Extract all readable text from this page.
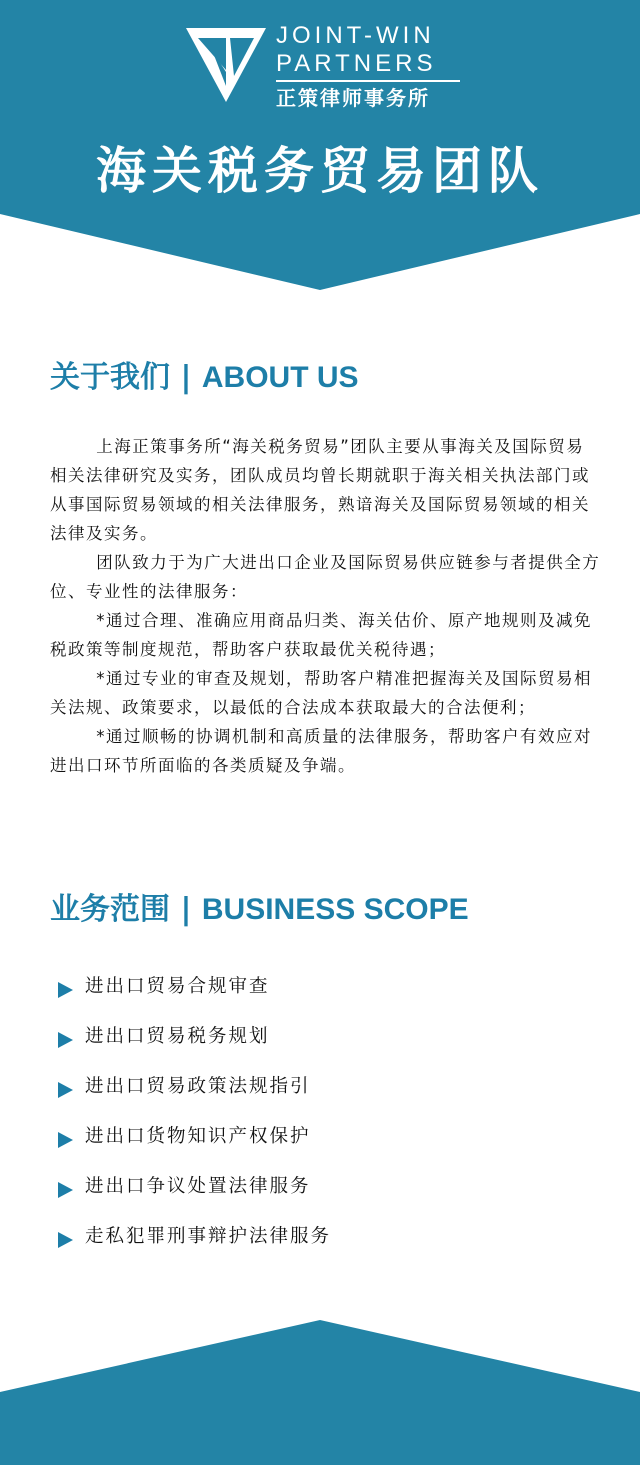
JOINT-WIN
PARTNERS
正策律师事务所
海关税务贸易团队
关于我们 | ABOUT US

上海正策事务所“海关税务贸易”团队主要从事海关及国际贸易相关法律研究及实务，团队成员均曾长期就职于海关相关执法部门或从事国际贸易领域的相关法律服务，熟谙海关及国际贸易领域的相关法律及实务。

团队致力于为广大进出口企业及国际贸易供应链参与者提供全方位、专业性的法律服务：

*通过合理、准确应用商品归类、海关估价、原产地规则及减免税政策等制度规范，帮助客户获取最优关税待遇；

*通过专业的审查及规划，帮助客户精准把握海关及国际贸易相关法规、政策要求，以最低的合法成本获取最大的合法便利；

*通过顺畅的协调机制和高质量的法律服务，帮助客户有效应对进出口环节所面临的各类质疑及争端。

业务范围 | BUSINESS SCOPE
进出口贸易合规审查
进出口贸易税务规划
进出口贸易政策法规指引
进出口货物知识产权保护
进出口争议处置法律服务
走私犯罪刑事辩护法律服务
